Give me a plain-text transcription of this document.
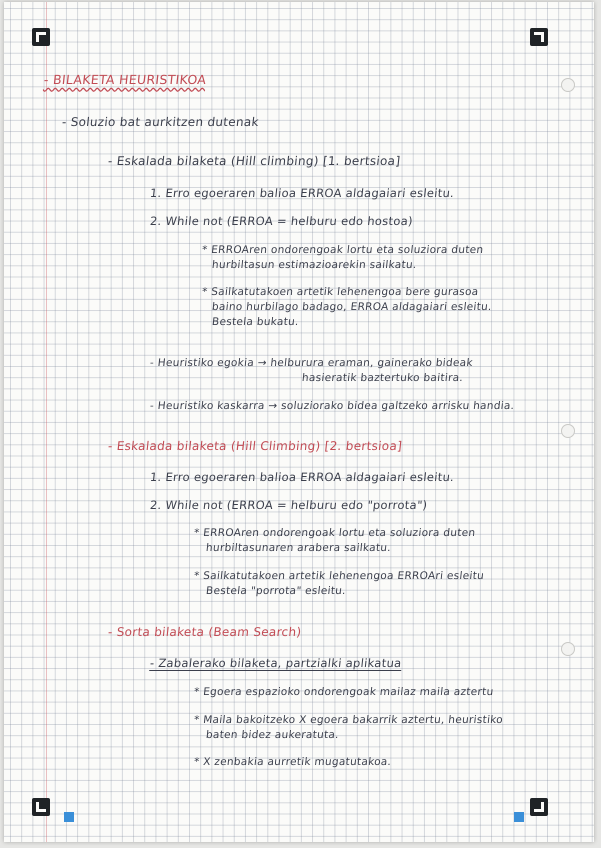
- BILAKETA HEURISTIKOA
- Soluzio bat aurkitzen dutenak
- Eskalada bilaketa (Hill climbing) [1. bertsioa]
1. Erro egoeraren balioa ERROA aldagaiari esleitu.
2. While not (ERROA = helburu edo hostoa)
* ERROAren ondorengoak lortu eta soluziora duten
hurbiltasun estimazioarekin sailkatu.
* Sailkatutakoen artetik lehenengoa bere gurasoa
baino hurbilago badago, ERROA aldagaiari esleitu.
Bestela bukatu.
- Heuristiko egokia → helburura eraman, gainerako bideak
hasieratik baztertuko baitira.
- Heuristiko kaskarra → soluziorako bidea galtzeko arrisku handia.
- Eskalada bilaketa (Hill Climbing) [2. bertsioa]
1. Erro egoeraren balioa ERROA aldagaiari esleitu.
2. While not (ERROA = helburu edo "porrota")
* ERROAren ondorengoak lortu eta soluziora duten
hurbiltasunaren arabera sailkatu.
* Sailkatutakoen artetik lehenengoa ERROAri esleitu
Bestela "porrota" esleitu.
- Sorta bilaketa (Beam Search)
- Zabalerako bilaketa, partzialki aplikatua
* Egoera espazioko ondorengoak mailaz maila aztertu
* Maila bakoitzeko X egoera bakarrik aztertu, heuristiko
baten bidez aukeratuta.
* X zenbakia aurretik mugatutakoa.
